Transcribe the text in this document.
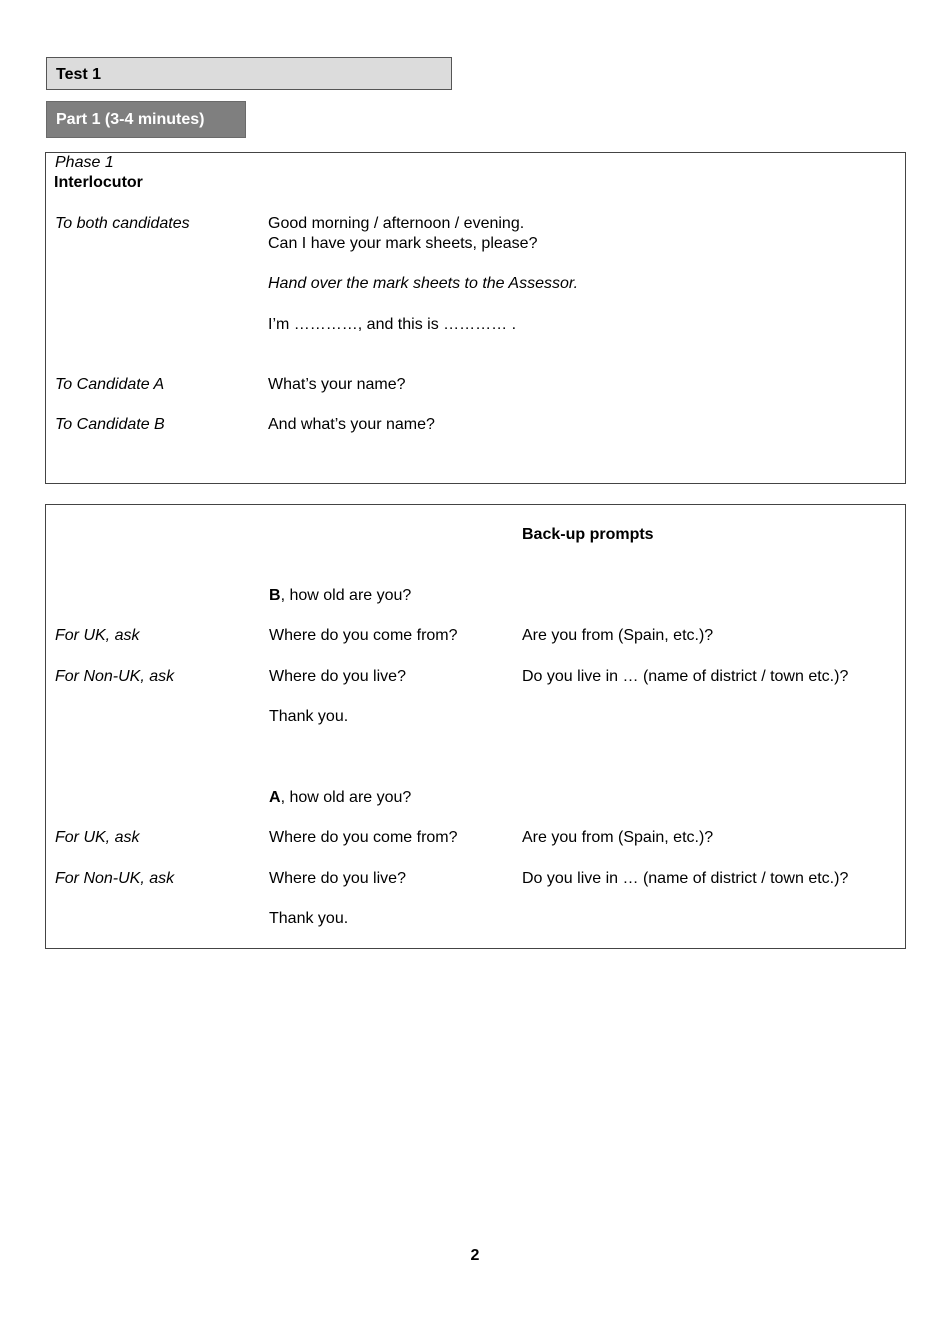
Test 1
Part 1 (3-4 minutes)
Phase 1
Interlocutor
To both candidates	Good morning / afternoon / evening.
Can I have your mark sheets, please?
Hand over the mark sheets to the Assessor.
I’m …………, and this is ………… .
To Candidate A	What’s your name?
To Candidate B	And what’s your name?
Back-up prompts
B, how old are you?
For UK, ask	Where do you come from?	Are you from (Spain, etc.)?
For Non-UK, ask	Where do you live?	Do you live in … (name of district / town etc.)?
Thank you.
A, how old are you?
For UK, ask	Where do you come from?	Are you from (Spain, etc.)?
For Non-UK, ask	Where do you live?	Do you live in … (name of district / town etc.)?
Thank you.
2
